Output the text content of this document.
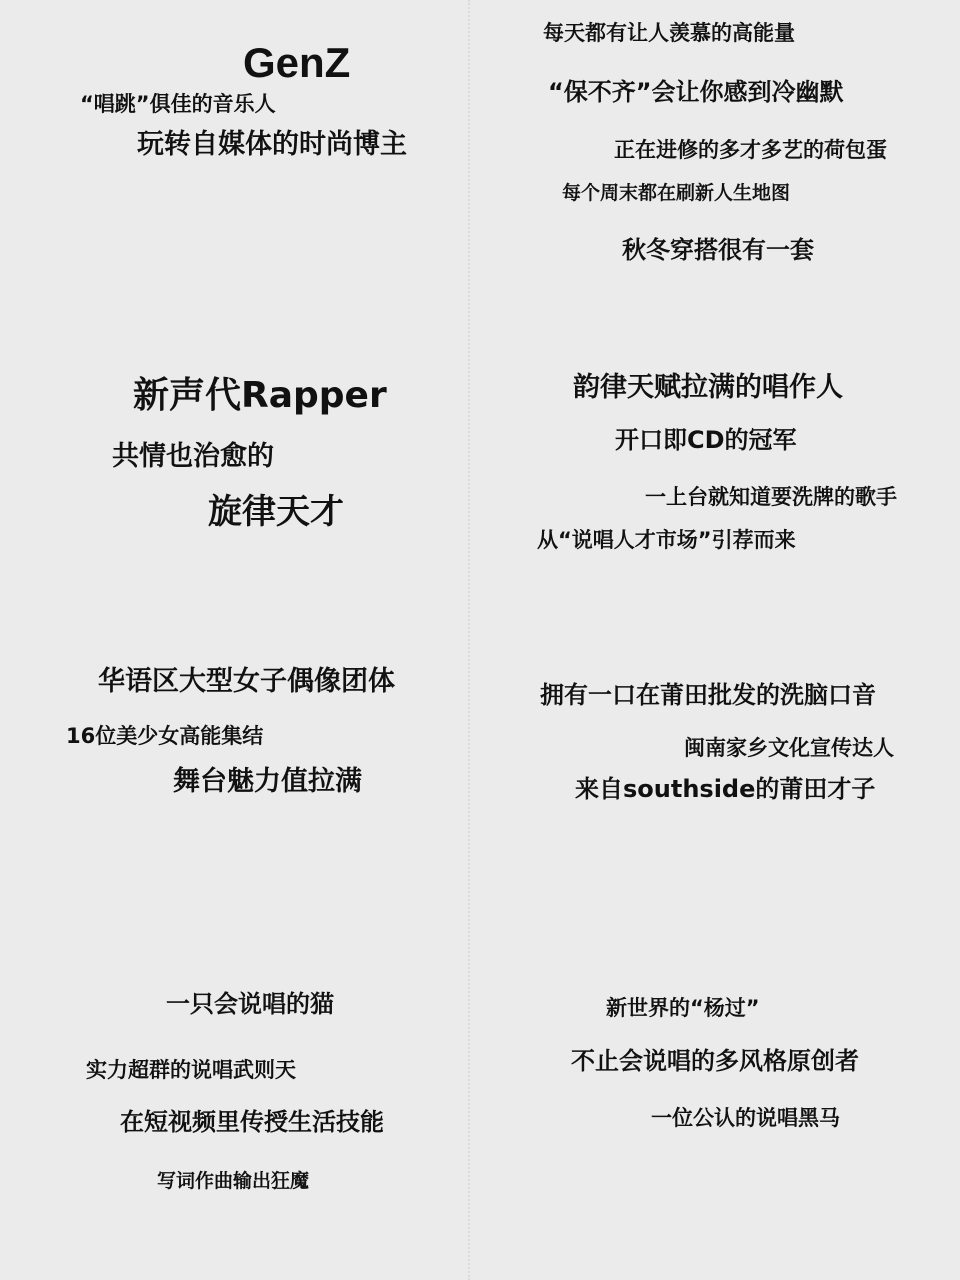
GenZ
“唱跳”俱佳的音乐人
玩转自媒体的时尚博主
每天都有让人羡慕的高能量
“保不齐”会让你感到冷幽默
正在进修的多才多艺的荷包蛋
每个周末都在刷新人生地图
秋冬穿搭很有一套
新声代Rapper
共情也治愈的
旋律天才
韵律天赋拉满的唱作人
开口即CD的冠军
一上台就知道要洗牌的歌手
从“说唱人才市场”引荐而来
华语区大型女子偶像团体
16位美少女高能集结
舞台魅力值拉满
拥有一口在莆田批发的洗脑口音
闽南家乡文化宣传达人
来自southside的莆田才子
一只会说唱的猫
实力超群的说唱武则天
在短视频里传授生活技能
写词作曲输出狂魔
新世界的“杨过”
不止会说唱的多风格原创者
一位公认的说唱黑马
